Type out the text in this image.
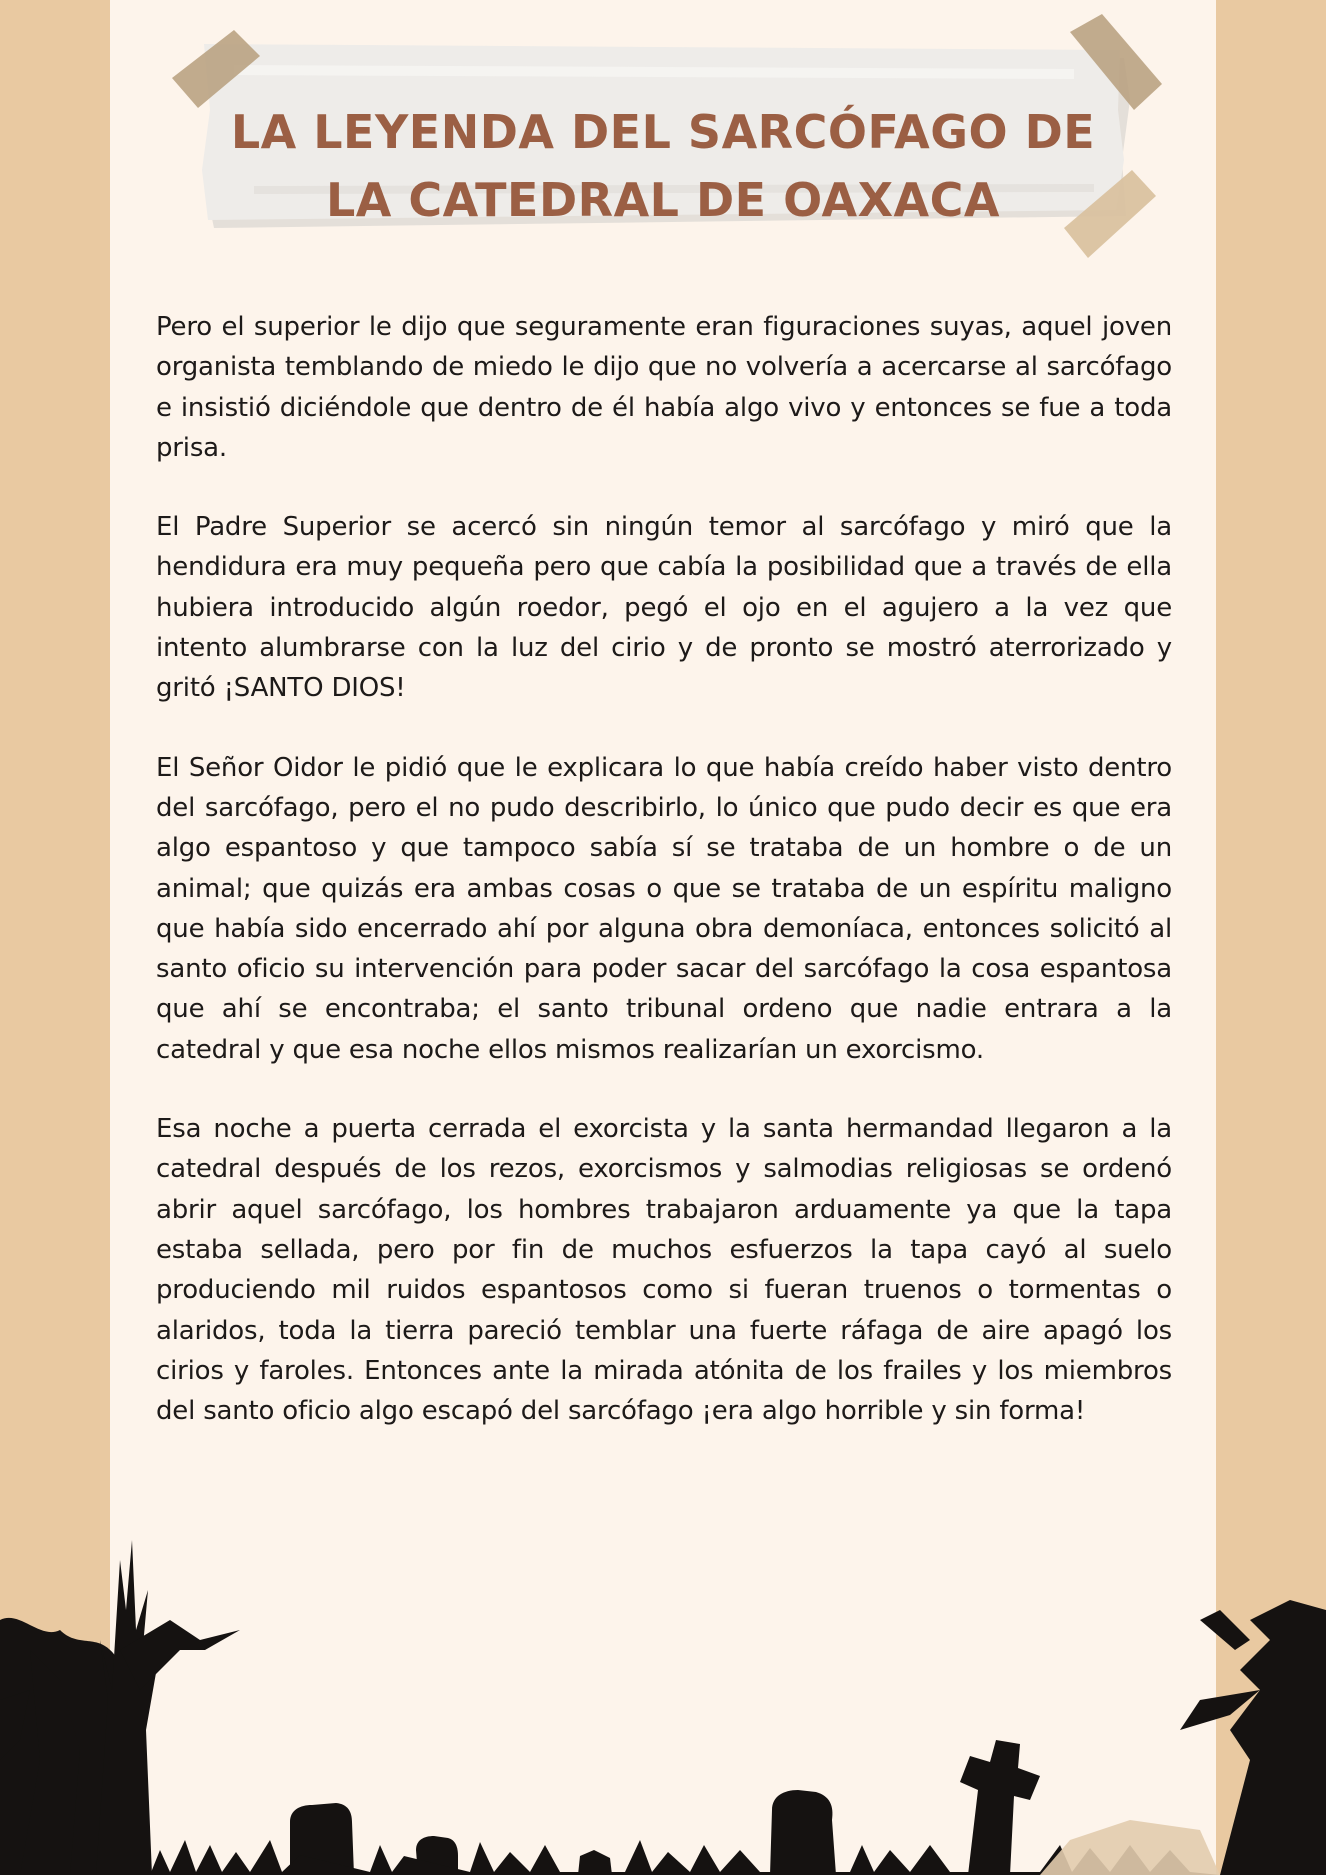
LA LEYENDA DEL SARCÓFAGO DE LA CATEDRAL DE OAXACA

Pero el superior le dijo que seguramente eran figuraciones suyas, aquel joven organista temblando de miedo le dijo que no volvería a acercarse al sarcófago e insistió diciéndole que dentro de él había algo vivo y entonces se fue a toda prisa.

El Padre Superior se acercó sin ningún temor al sarcófago y miró que la hendidura era muy pequeña pero que cabía la posibilidad que a través de ella hubiera introducido algún roedor, pegó el ojo en el agujero a la vez que intento alumbrarse con la luz del cirio y de pronto se mostró aterrorizado y gritó ¡SANTO DIOS!

El Señor Oidor le pidió que le explicara lo que había creído haber visto dentro del sarcófago, pero el no pudo describirlo, lo único que pudo decir es que era algo espantoso y que tampoco sabía sí se trataba de un hombre o de un animal; que quizás era ambas cosas o que se trataba de un espíritu maligno que había sido encerrado ahí por alguna obra demoníaca, entonces solicitó al santo oficio su intervención para poder sacar del sarcófago la cosa espantosa que ahí se encontraba; el santo tribunal ordeno que nadie entrara a la catedral y que esa noche ellos mismos realizarían un exorcismo.

Esa noche a puerta cerrada el exorcista y la santa hermandad llegaron a la catedral después de los rezos, exorcismos y salmodias religiosas se ordenó abrir aquel sarcófago, los hombres trabajaron arduamente ya que la tapa estaba sellada, pero por fin de muchos esfuerzos la tapa cayó al suelo produciendo mil ruidos espantosos como si fueran truenos o tormentas o alaridos, toda la tierra pareció temblar una fuerte ráfaga de aire apagó los cirios y faroles. Entonces ante la mirada atónita de los frailes y los miembros del santo oficio algo escapó del sarcófago ¡era algo horrible y sin forma!
